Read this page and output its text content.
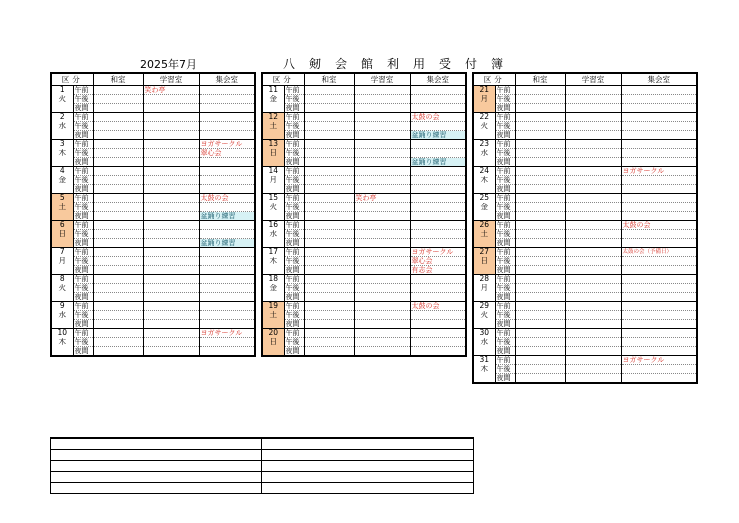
2025年7月	八剱会館利用受付簿
区分		和室	学習室	集会室
1	午前		笑わ亭	
火	午後			
	夜間			
2	午前			
水	午後			
	夜間			
3	午前			ヨガサークル
木	午後			翠心会
	夜間			
4	午前			
金	午後			
	夜間			
5	午前			太鼓の会
土	午後			
	夜間			盆踊り練習
6	午前			
日	午後			
	夜間			盆踊り練習
7	午前			
月	午後			
	夜間			
8	午前			
火	午後			
	夜間			
9	午前			
水	午後			
	夜間			
10	午前			ヨガサークル
木	午後			
	夜間			
区分		和室	学習室	集会室
11	午前			
金	午後			
	夜間			
12	午前			太鼓の会
土	午後			
	夜間			盆踊り練習
13	午前			
日	午後			
	夜間			盆踊り練習
14	午前			
月	午後			
	夜間			
15	午前		笑わ亭	
火	午後			
	夜間			
16	午前			
水	午後			
	夜間			
17	午前			ヨガサークル
木	午後			翠心会
	夜間			有志会
18	午前			
金	午後			
	夜間			
19	午前			太鼓の会
土	午後			
	夜間			
20	午前			
日	午後			
	夜間			
区分		和室	学習室	集会室
21	午前			
月	午後			
	夜間			
22	午前			
火	午後			
	夜間			
23	午前			
水	午後			
	夜間			
24	午前			ヨガサークル
木	午後			
	夜間			
25	午前			
金	午後			
	夜間			
26	午前			太鼓の会
土	午後			
	夜間			
27	午前			太鼓の会（予備日）
日	午後			
	夜間			
28	午前			
月	午後			
	夜間			
29	午前			
火	午後			
	夜間			
30	午前			
水	午後			
	夜間			
31	午前			ヨガサークル
木	午後			
	夜間			
